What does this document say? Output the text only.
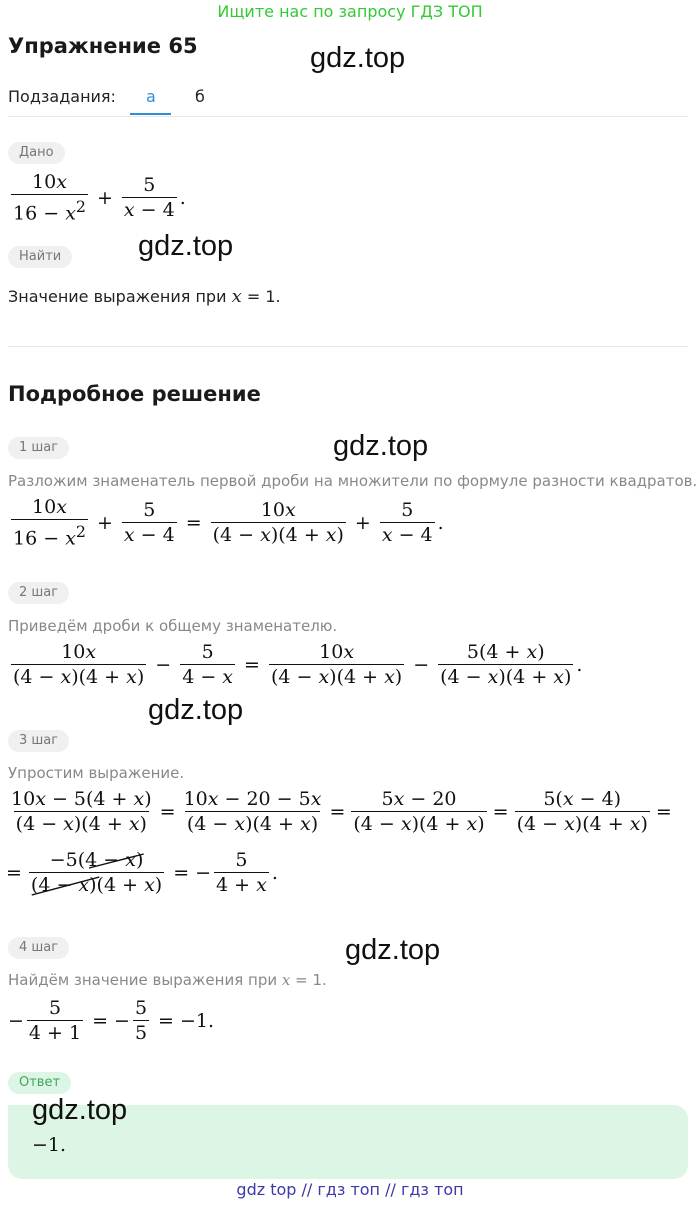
Ищите нас по запросу ГДЗ ТОП
Упражнение 65	gdz.top
Подзадания: а б
Дано
$\frac{10x}{16 - x^2} + \frac{5}{x - 4}$ .
gdz.top
Найти
Значение выражения при x = 1.
Подробное решение
1 шаг	gdz.top
Разложим знаменатель первой дроби на множители по формуле разности квадратов.
$\frac{10x}{16 - x^2} + \frac{5}{x - 4} = \frac{10x}{(4 - x)(4 + x)} + \frac{5}{x - 4}$ .
2 шаг
Приведём дроби к общему знаменателю.
$\frac{10x}{(4 - x)(4 + x)} - \frac{5}{4 - x} = \frac{10x}{(4 - x)(4 + x)} - \frac{5(4 + x)}{(4 - x)(4 + x)}$ .
gdz.top
3 шаг
Упростим выражение.
$\frac{10x - 5(4 + x)}{(4 - x)(4 + x)} = \frac{10x - 20 - 5x}{(4 - x)(4 + x)} = \frac{5x - 20}{(4 - x)(4 + x)} = \frac{5(x - 4)}{(4 - x)(4 + x)}$ =
= $\frac{-5(4 - x)}{(4 - x)(4 + x)}$ = − $\frac{5}{4 + x}$ .
4 шаг	gdz.top
Найдём значение выражения при x = 1.
− $\frac{5}{4 + 1}$ = − $\frac{5}{5} = -1$.
Ответ
gdz.top
−1.
gdz top // гдз топ // гдз топ
